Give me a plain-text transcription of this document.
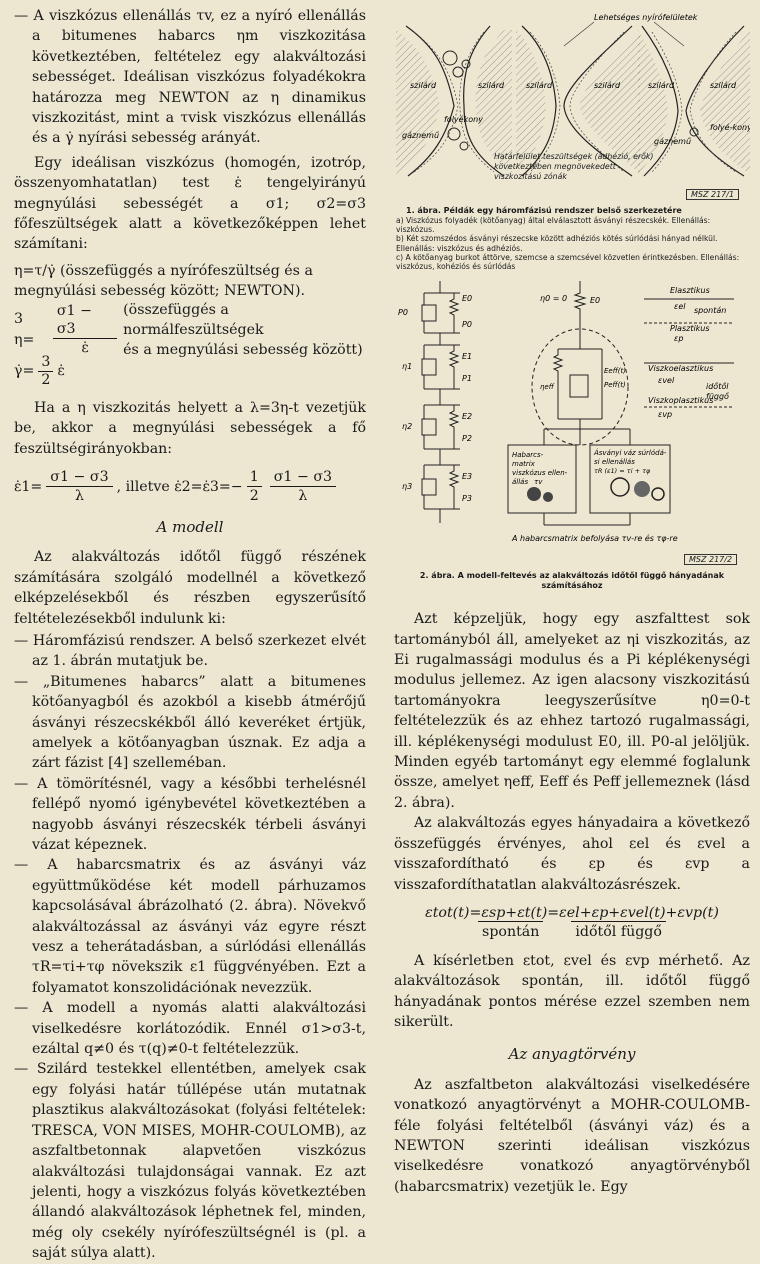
— A viszkózus ellenállás τv, ez a nyíró ellenállás a bitumenes habarcs ηm viszkozitása következtében, feltételez egy alakváltozási sebességet. Ideálisan viszkózus folyadékokra határozza meg NEWTON az η dinamikus viszkozitást, mint a τvisk viszkózus ellenállás és a γ̇ nyírási sebesség arányát.

Egy ideálisan viszkózus (homogén, izotróp, összenyomhatatlan) test ε̇ tengelyirányú megnyúlási sebességét a σ1; σ2=σ3 főfeszültségek alatt a következőképpen lehet számítani:

η=τ/γ̇ (összefüggés a nyírófeszültség és a megnyúlási sebesség között; NEWTON).

3 η=	$\frac{\sigma 1 - \sigma 3}{\varepsiloṅ}$ (összefüggés a normálfeszültségek
és a megnyúlási sebesség között)
γ̇= $\frac{3}{2}$ ε̇

Ha a η viszkozitás helyett a λ=3η-t vezetjük be, akkor a megnyúlási sebességek a fő feszültségirányokban:

ε̇1= $\frac{\sigma 1 - \sigma 3}{\lambda}$ , illetve ε̇2=ε̇3=− $\frac{1}{2} \sigma 1 - \sigma 3$
λ

A modell

Az alakváltozás időtől függő részének számítására szolgáló modellnél a következő elképzelésekből és részben egyszerűsítő feltételezésekből indulunk ki:

— Háromfázisú rendszer. A belső szerkezet elvét az 1. ábrán mutatjuk be.

— „Bitumenes habarcs” alatt a bitumenes kötőanyagból és azokból a kisebb átmérőjű ásványi részecskékből álló keveréket értjük, amelyek a kötőanyagban úsznak. Ez adja a zárt fázist [4] szelleméban.

— A tömörítésnél, vagy a későbbi terhelésnél fellépő nyomó igénybevétel következtében a nagyobb ásványi részecskék térbeli ásványi vázat képeznek.

— A habarcsmatrix és az ásványi váz együttműködése két modell párhuzamos kapcsolásával ábrázolható (2. ábra). Növekvő alakváltozással az ásványi váz egyre részt vesz a teherátadásban, a súrlódási ellenállás τR=τi+τφ növekszik ε1 függvényében. Ezt a folyamatot konszolidációnak nevezzük.

— A modell a nyomás alatti alakváltozási viselkedésre korlátozódik. Ennél σ1>σ3-t, ezáltal q≠0 és τ(q)≠0-t feltételezzük.

— Szilárd testekkel ellentétben, amelyek csak egy folyási határ túllépése után mutatnak plasztikus alakváltozásokat (folyási feltételek: TRESCA, VON MISES, MOHR-COULOMB), az aszfaltbetonnak alapvetően viszkózus alakváltozási tulajdonságai vannak. Ez azt jelenti, hogy a viszkózus folyás következtében állandó alakváltozások léphetnek fel, minden, még oly csekély nyírófeszültségnél is (pl. a saját súlya alatt).

Lehetséges nyírófelületek
szilárd	szilárd	szilárd	szilárd	szilárd	szilárd
folyékony
gáznemű
folyé-kony
gáznemű
Határfelület teszültségek (adhézió, erők) következtében megnövekedett viszkozitású zónák
MSZ 217/1
1. ábra. Példák egy háromfázisú rendszer belső szerkezetére
a) Viszkózus folyadék (kötőanyag) által elválasztott ásványi részecskék. Ellenállás: viszkózus.
b) Két szomszédos ásványi részecske között adhéziós kötés súrlódási hányad nélkül. Ellenállás: viszkózus és adhéziós.
c) A kötőanyag burkot áttörve, szemcse a szemcsével közvetlen érintkezésben. Ellenállás: viszkózus, kohéziós és súrlódás
P0
E0
P0
η1
η2
η3
E1
P1
E2
P2
E3
P3
η0 = 0	E0
Eeff(t)
Peff(t)
ηeff
Habarcs-
matrix
viszkózus ellen-
állás τv
Ásványi váz súrlódá-
si ellenállás
τR (ε1) = τi + τφ
Elasztikus
εel spontán
Plasztikus
εp
Viszkoelasztikus
εvel
időtől
függő
Viszkoplasztikus
εvp
A habarcsmatrix befolyása τv-re és τφ-re
MSZ 217/2
2. ábra. A modell-feltevés az alakváltozás időtől függő hányadának számításához

Azt képzeljük, hogy egy aszfalttest sok tartományból áll, amelyeket az ηi viszkozitás, az Ei rugalmassági modulus és a Pi képlékenységi modulus jellemez. Az igen alacsony viszkozitású tartományokra leegyszerűsítve η0=0-t feltételezzük és az ehhez tartozó rugalmassági, ill. képlékenységi modulust E0, ill. P0-al jelöljük. Minden egyéb tartományt egy elemmé foglalunk össze, amelyet ηeff, Eeff és Peff jellemeznek (lásd 2. ábra).

Az alakváltozás egyes hányadaira a következő összefüggés érvényes, ahol εel és εvel a visszafordítható és εp és εvp a visszafordíthatatlan alakváltozásrészek.

εtot(t)=εsp+εt(t)=εel+εp+εvel(t)+εvp(t)
spontán	időtől függő

A kísérletben εtot, εvel és εvp mérhető. Az alakváltozások spontán, ill. időtől függő hányadának pontos mérése ezzel szemben nem sikerült.

Az anyagtörvény

Az aszfaltbeton alakváltozási viselkedésére vonatkozó anyagtörvényt a MOHR-COULOMB-féle folyási feltételből (ásványi váz) és a NEWTON szerinti ideálisan viszkózus viselkedésre vonatkozó anyagtörvényből (habarcsmatrix) vezetjük le. Egy
